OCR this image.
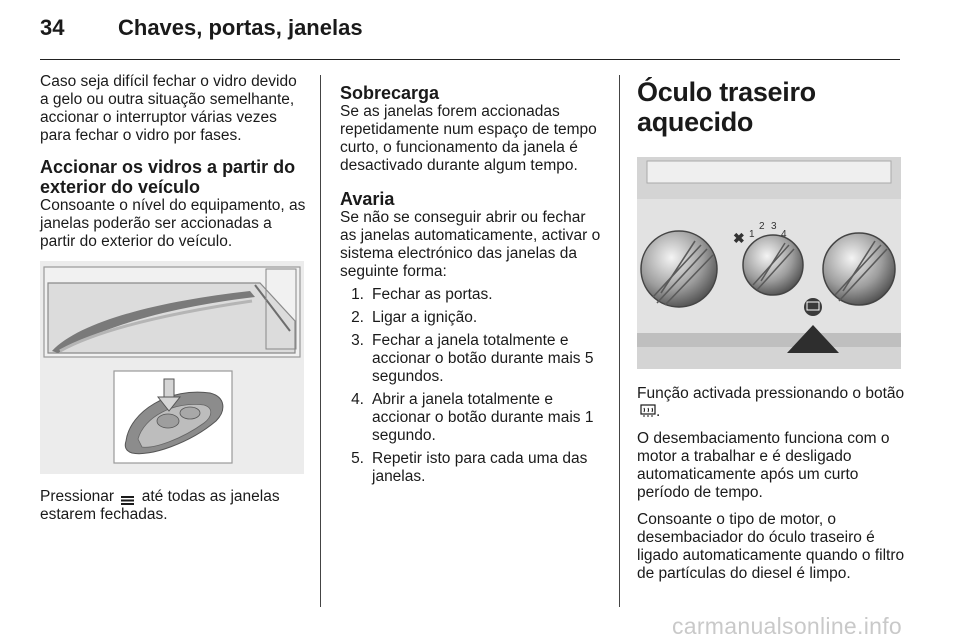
34 Chaves, portas, janelas

Caso seja difícil fechar o vidro devido a gelo ou outra situação semelhante, accionar o interruptor várias vezes para fechar o vidro por fases.

Accionar os vidros a partir do exterior do veículo

Consoante o nível do equipamento, as janelas poderão ser accionadas a partir do exterior do veículo.

Pressionar até todas as janelas estarem fechadas.

Sobrecarga

Se as janelas forem accionadas repetidamente num espaço de tempo curto, o funcionamento da janela é desactivado durante algum tempo.

Avaria

Se não se conseguir abrir ou fechar as janelas automaticamente, activar o sistema electrónico das janelas da seguinte forma:

1. Fechar as portas.
2. Ligar a ignição.
3. Fechar a janela totalmente e accionar o botão durante mais 5 segundos.
4. Abrir a janela totalmente e accionar o botão durante mais 1 segundo.
5. Repetir isto para cada uma das janelas.
Óculo traseiro aquecido
✖ 1
2 3
4

Função activada pressionando o botão .

O desembaciamento funciona com o motor a trabalhar e é desligado automaticamente após um curto período de tempo.

Consoante o tipo de motor, o desembaciador do óculo traseiro é ligado automaticamente quando o filtro de partículas do diesel é limpo.

carmanualsonline.info
